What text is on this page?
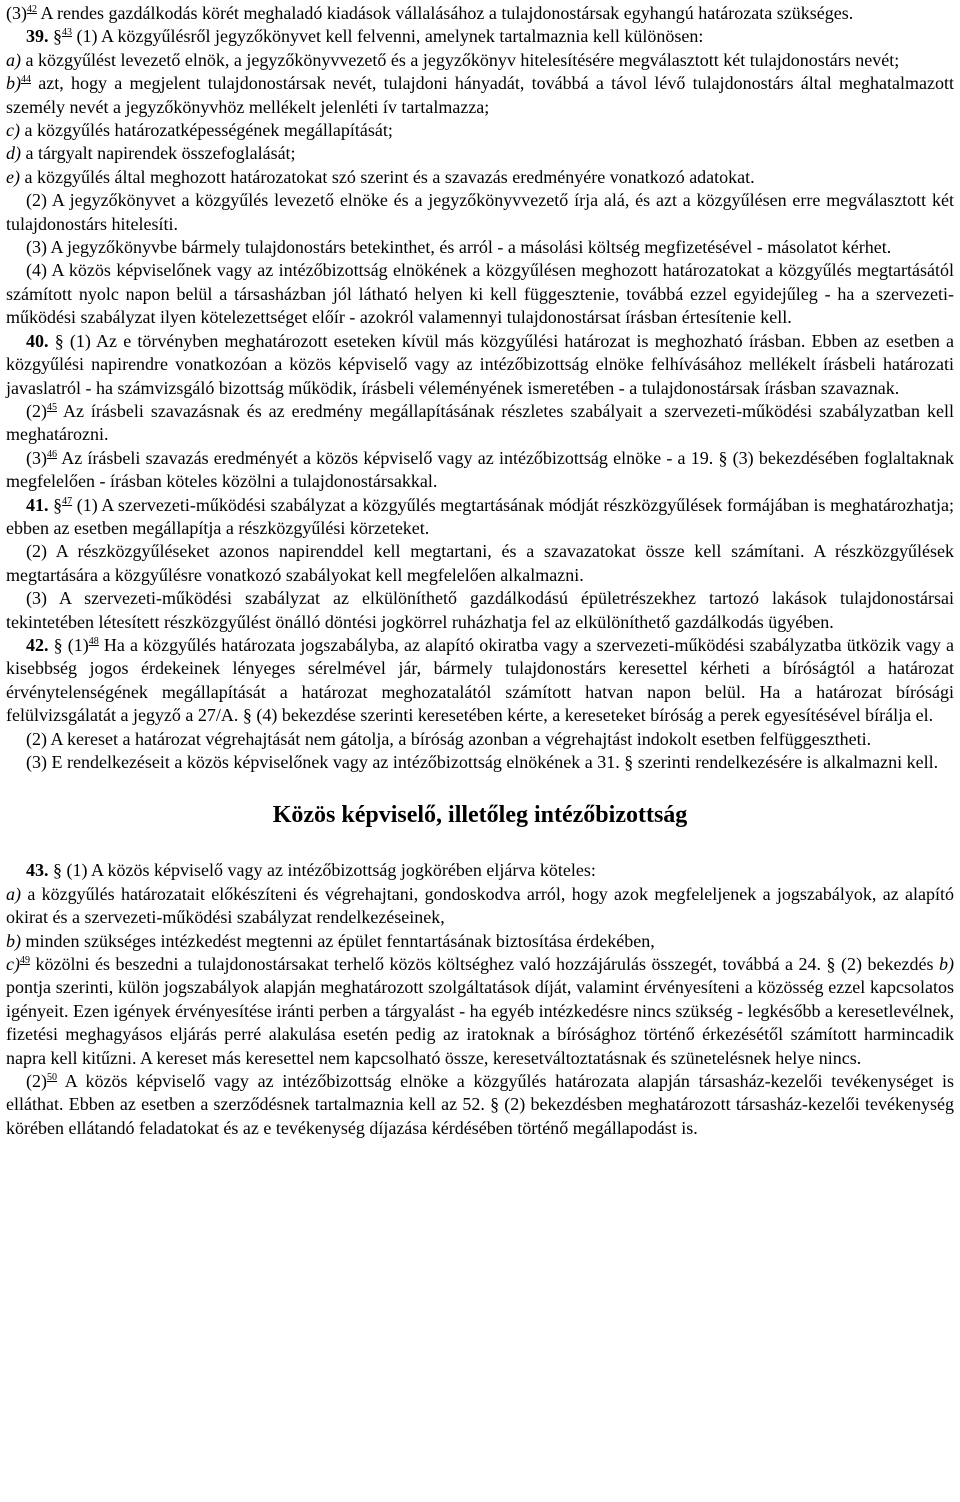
$(3)^{42}$ A rendes gazdálkodás körét meghaladó kiadások vállalásához a tulajdonostársak egyhangú határozata szükséges.

39. §$^{43}$ (1) A közgyűlésről jegyzőkönyvet kell felvenni, amelynek tartalmaznia kell különösen:

a) a közgyűlést levezető elnök, a jegyzőkönyvvezető és a jegyzőkönyv hitelesítésére megválasztott két tulajdonostárs nevét;

b)$^{44}$ azt, hogy a megjelent tulajdonostársak nevét, tulajdoni hányadát, továbbá a távol lévő tulajdonostárs által meghatalmazott személy nevét a jegyzőkönyvhöz mellékelt jelenléti ív tartalmazza;

c) a közgyűlés határozatképességének megállapítását;

d) a tárgyalt napirendek összefoglalását;

e) a közgyűlés által meghozott határozatokat szó szerint és a szavazás eredményére vonatkozó adatokat.

(2) A jegyzőkönyvet a közgyűlés levezető elnöke és a jegyzőkönyvvezető írja alá, és azt a közgyűlésen erre megválasztott két tulajdonostárs hitelesíti.

(3) A jegyzőkönyvbe bármely tulajdonostárs betekinthet, és arról - a másolási költség megfizetésével - másolatot kérhet.

(4) A közös képviselőnek vagy az intézőbizottság elnökének a közgyűlésen meghozott határozatokat a közgyűlés megtartásától számított nyolc napon belül a társasházban jól látható helyen ki kell függesztenie, továbbá ezzel egyidejűleg - ha a szervezeti-működési szabályzat ilyen kötelezettséget előír - azokról valamennyi tulajdonostársat írásban értesítenie kell.

40. § (1) Az e törvényben meghatározott eseteken kívül más közgyűlési határozat is meghozható írásban. Ebben az esetben a közgyűlési napirendre vonatkozóan a közös képviselő vagy az intézőbizottság elnöke felhívásához mellékelt írásbeli határozati javaslatról - ha számvizsgáló bizottság működik, írásbeli véleményének ismeretében - a tulajdonostársak írásban szavaznak.

$(2)^{45}$ Az írásbeli szavazásnak és az eredmény megállapításának részletes szabályait a szervezeti-működési szabályzatban kell meghatározni.

$(3)^{46}$ Az írásbeli szavazás eredményét a közös képviselő vagy az intézőbizottság elnöke - a 19. § (3) bekezdésében foglaltaknak megfelelően - írásban köteles közölni a tulajdonostársakkal.

41. §$^{47}$ (1) A szervezeti-működési szabályzat a közgyűlés megtartásának módját részközgyűlések formájában is meghatározhatja; ebben az esetben megállapítja a részközgyűlési körzeteket.

(2) A részközgyűléseket azonos napirenddel kell megtartani, és a szavazatokat össze kell számítani. A részközgyűlések megtartására a közgyűlésre vonatkozó szabályokat kell megfelelően alkalmazni.

(3) A szervezeti-működési szabályzat az elkülöníthető gazdálkodású épületrészekhez tartozó lakások tulajdonostársai tekintetében létesített részközgyűlést önálló döntési jogkörrel ruházhatja fel az elkülöníthető gazdálkodás ügyében.

42. § $(1)^{48}$ Ha a közgyűlés határozata jogszabályba, az alapító okiratba vagy a szervezeti-működési szabályzatba ütközik vagy a kisebbség jogos érdekeinek lényeges sérelmével jár, bármely tulajdonostárs keresettel kérheti a bíróságtól a határozat érvénytelenségének megállapítását a határozat meghozatalától számított hatvan napon belül. Ha a határozat bírósági felülvizsgálatát a jegyző a 27/A. § (4) bekezdése szerinti keresetében kérte, a kereseteket bíróság a perek egyesítésével bírálja el.

(2) A kereset a határozat végrehajtását nem gátolja, a bíróság azonban a végrehajtást indokolt esetben felfüggesztheti.

(3) E rendelkezéseit a közös képviselőnek vagy az intézőbizottság elnökének a 31. § szerinti rendelkezésére is alkalmazni kell.

Közös képviselő, illetőleg intézőbizottság

43. § (1) A közös képviselő vagy az intézőbizottság jogkörében eljárva köteles:

a) a közgyűlés határozatait előkészíteni és végrehajtani, gondoskodva arról, hogy azok megfeleljenek a jogszabályok, az alapító okirat és a szervezeti-működési szabályzat rendelkezéseinek,

b) minden szükséges intézkedést megtenni az épület fenntartásának biztosítása érdekében,

c)$^{49}$ közölni és beszedni a tulajdonostársakat terhelő közös költséghez való hozzájárulás összegét, továbbá a 24. § (2) bekezdés b) pontja szerinti, külön jogszabályok alapján meghatározott szolgáltatások díját, valamint érvényesíteni a közösség ezzel kapcsolatos igényeit. Ezen igények érvényesítése iránti perben a tárgyalást - ha egyéb intézkedésre nincs szükség - legkésőbb a keresetlevélnek, fizetési meghagyásos eljárás perré alakulása esetén pedig az iratoknak a bírósághoz történő érkezésétől számított harmincadik napra kell kitűzni. A kereset más keresettel nem kapcsolható össze, keresetváltoztatásnak és szünetelésnek helye nincs.

$(2)^{50}$ A közös képviselő vagy az intézőbizottság elnöke a közgyűlés határozata alapján társasház-kezelői tevékenységet is elláthat. Ebben az esetben a szerződésnek tartalmaznia kell az 52. § (2) bekezdésben meghatározott társasház-kezelői tevékenység körében ellátandó feladatokat és az e tevékenység díjazása kérdésében történő megállapodást is.
